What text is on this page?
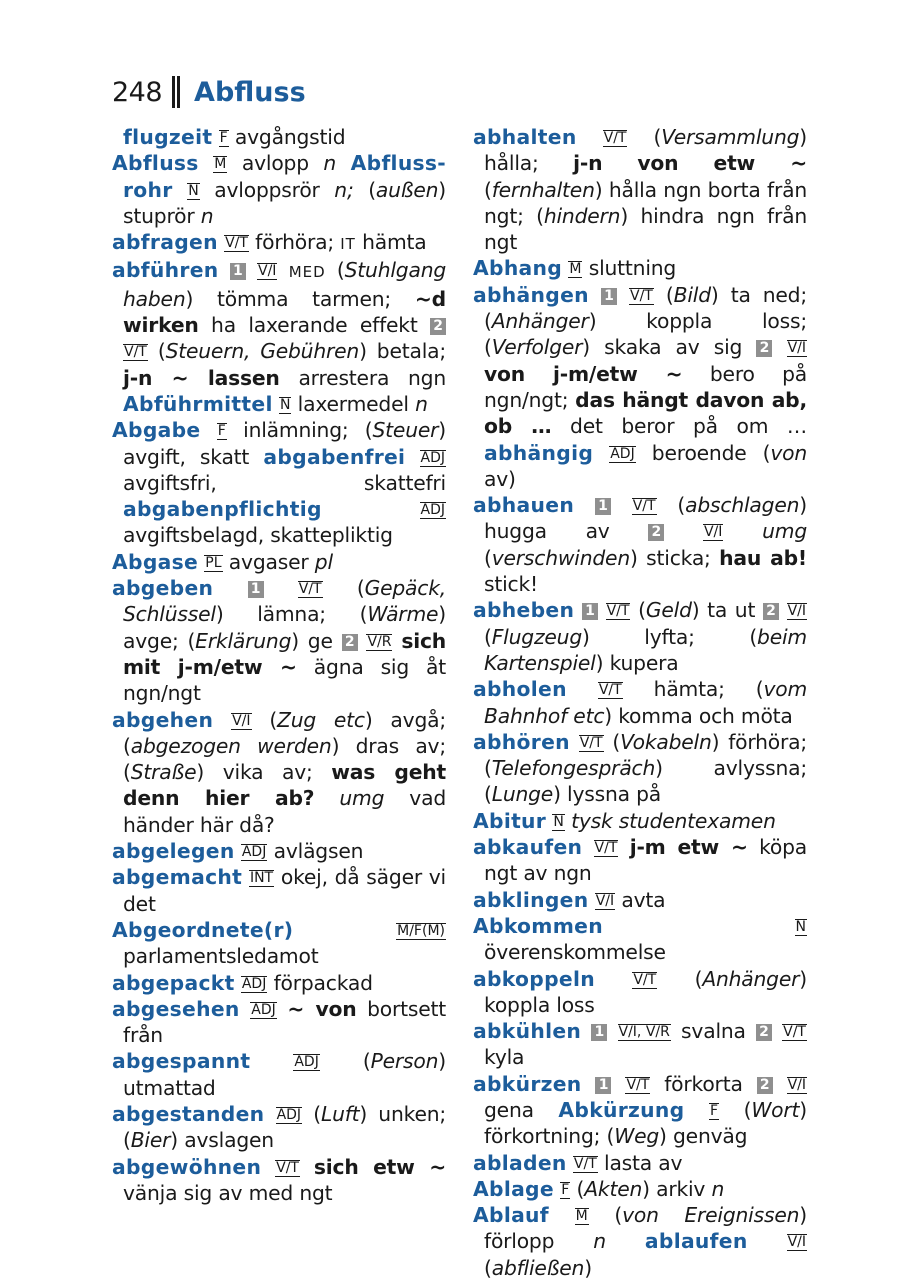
248 Abfluss

flugzeit F avgångstid

Abfluss M avlopp n Abfluss-rohr N avloppsrör n; (außen) stuprör n

abfragen V/T förhöra; IT hämta

abführen 1 V/I MED (Stuhlgang haben) tömma tarmen; ~d wirken ha laxerande effekt 2 V/T (Steuern, Gebühren) betala; j-n ~ lassen arrestera ngn Abführmittel N laxermedel n

Abgabe F inlämning; (Steuer) avgift, skatt abgabenfrei ADJ avgiftsfri, skattefri abgabenpflichtig	ADJ avgiftsbelagd, skattepliktig

Abgase PL avgaser pl

abgeben	1	V/T (Gepäck, Schlüssel) lämna; (Wärme) avge; (Erklärung) ge 2 V/R sich mit j-m/etw ~ ägna sig åt ngn/ngt

abgehen V/I (Zug etc) avgå; (abgezogen werden) dras av; (Straße) vika av; was geht denn hier ab? umg vad händer här då?

abgelegen ADJ avlägsen

abgemacht INT okej, då säger vi det

Abgeordnete(r)	M/F(M) parlamentsledamot

abgepackt ADJ förpackad

abgesehen ADJ ~ von bortsett från

abgespannt	ADJ (Person) utmattad

abgestanden ADJ (Luft) unken; (Bier) avslagen

abgewöhnen V/T sich etw ~ vänja sig av med ngt

abhalten V/T (Versammlung) hålla; j-n von etw ~ (fernhalten) hålla ngn borta från ngt; (hindern) hindra ngn från ngt

Abhang M sluttning

abhängen 1 V/T (Bild) ta ned; (Anhänger) koppla loss; (Verfolger) skaka av sig 2 V/I von j-m/etw ~ bero på ngn/ngt; das hängt davon ab, ob … det beror på om … abhängig ADJ beroende (von av)

abhauen 1 V/T (abschlagen) hugga av 2	V/I umg (verschwinden) sticka; hau ab! stick!

abheben 1 V/T (Geld) ta ut 2 V/I (Flugzeug) lyfta; (beim Kartenspiel) kupera

abholen V/T hämta; (vom Bahnhof etc) komma och möta

abhören V/T (Vokabeln) förhöra; (Telefongespräch) avlyssna; (Lunge) lyssna på

Abitur N tysk studentexamen

abkaufen V/T j-m etw ~ köpa ngt av ngn

abklingen V/I avta

Abkommen	N överenskommelse

abkoppeln	V/T (Anhänger) koppla loss

abkühlen 1 V/I, V/R svalna 2 V/T kyla

abkürzen 1 V/T förkorta 2 V/I gena Abkürzung F (Wort) förkortning; (Weg) genväg

abladen V/T lasta av

Ablage F (Akten) arkiv n

Ablauf M (von Ereignissen) förlopp n ablaufen	V/I (abfließen)
